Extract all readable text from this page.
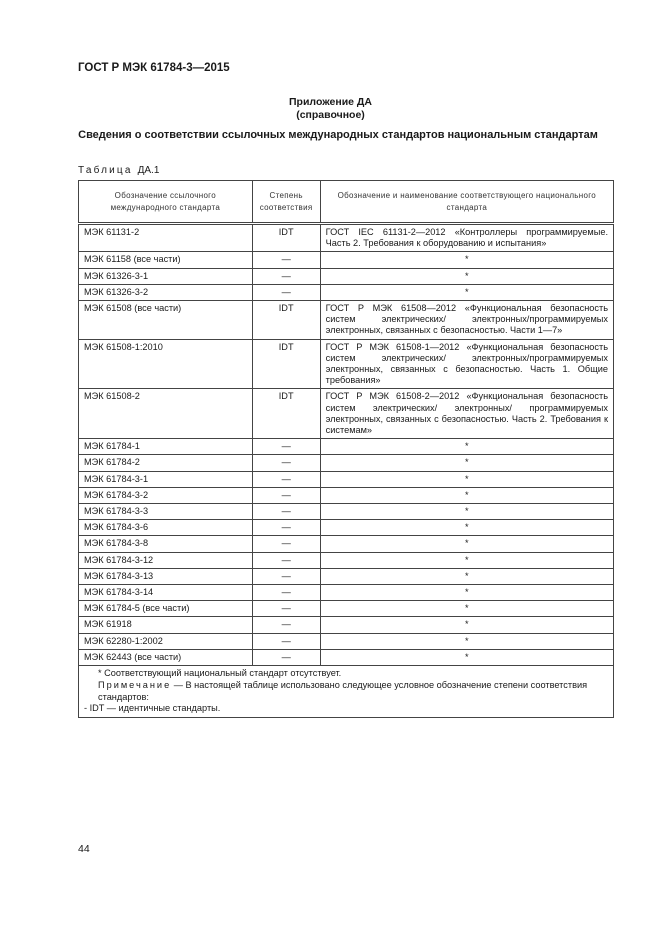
ГОСТ Р МЭК 61784-3—2015
Приложение ДА
(справочное)
Сведения о соответствии ссылочных международных стандартов национальным стандартам
Таблица ДА.1
Обозначение ссылочного международного стандарта	Степень соответствия	Обозначение и наименование соответствующего национального стандарта
МЭК 61131-2	IDT	ГОСТ IEC 61131-2—2012 «Контроллеры программируемые. Часть 2. Требования к оборудованию и испытания»
МЭК 61158 (все части)	—	*
МЭК 61326-3-1	—	*
МЭК 61326-3-2	—	*
МЭК 61508 (все части)	IDT	ГОСТ Р МЭК 61508—2012 «Функциональная безопасность систем электрических/ электронных/программируемых электронных, связанных с безопасностью. Части 1—7»
МЭК 61508-1:2010	IDT	ГОСТ Р МЭК 61508-1—2012 «Функциональная безопасность систем электрических/ электронных/программируемых электронных, связанных с безопасностью. Часть 1. Общие требования»
МЭК 61508-2	IDT	ГОСТ Р МЭК 61508-2—2012 «Функциональная безопасность систем электрических/ электронных/ программируемых электронных, связанных с безопасностью. Часть 2. Требования к системам»
МЭК 61784-1	—	*
МЭК 61784-2	—	*
МЭК 61784-3-1	—	*
МЭК 61784-3-2	—	*
МЭК 61784-3-3	—	*
МЭК 61784-3-6	—	*
МЭК 61784-3-8	—	*
МЭК 61784-3-12	—	*
МЭК 61784-3-13	—	*
МЭК 61784-3-14	—	*
МЭК 61784-5 (все части)	—	*
МЭК 61918	—	*
МЭК 62280-1:2002	—	*
МЭК 62443 (все части)	—	*

* Соответствующий национальный стандарт отсутствует.
Примечание — В настоящей таблице использовано следующее условное обозначение степени соответствия стандартов:
- IDT — идентичные стандарты.		
44
